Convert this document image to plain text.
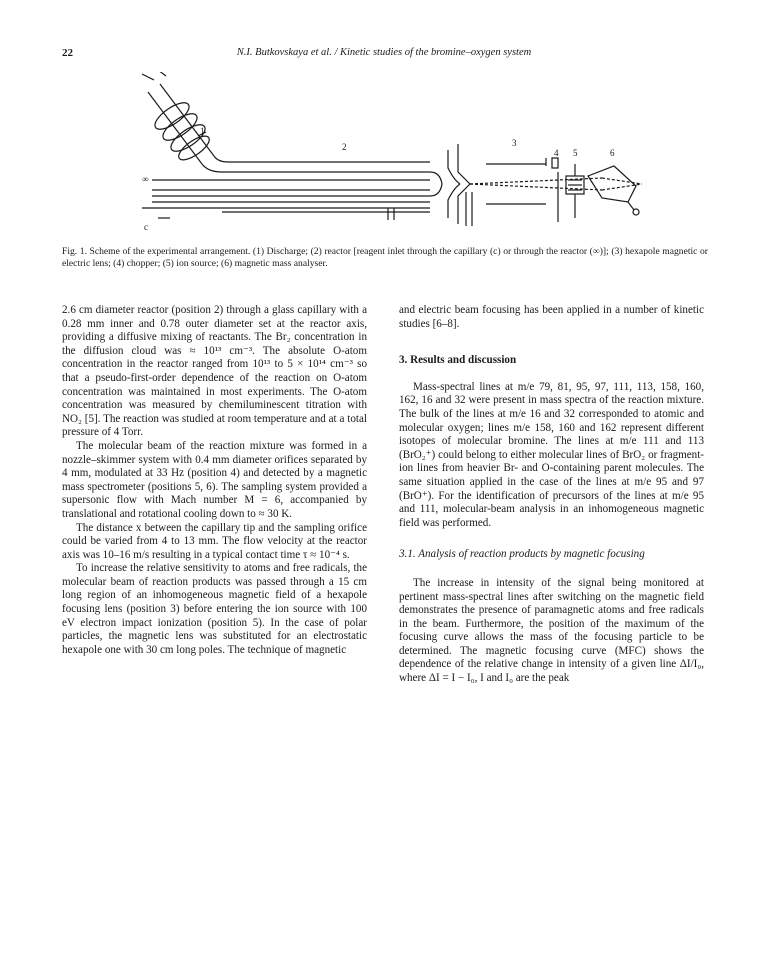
22	N.I. Butkovskaya et al. / Kinetic studies of the bromine–oxygen system
1
2	3
4 5	6
c
∞
Fig. 1. Scheme of the experimental arrangement. (1) Discharge; (2) reactor [reagent inlet through the capillary (c) or through the reactor (∞)]; (3) hexapole magnetic or electric lens; (4) chopper; (5) ion source; (6) magnetic mass analyser.

2.6 cm diameter reactor (position 2) through a glass capillary with a 0.28 mm inner and 0.78 outer diameter set at the reactor axis, providing a diffusive mixing of reactants. The Br₂ concentration in the diffusion cloud was ≈ 10¹³ cm⁻³. The absolute O-atom concentration in the reactor ranged from 10¹³ to 5 × 10¹⁴ cm⁻³ so that a pseudo-first-order dependence of the reaction on O-atom concentration was maintained in most experiments. The O-atom concentration was measured by chemiluminescent titration with NO₂ [5]. The reaction was studied at room temperature and at a total pressure of 4 Torr.

The molecular beam of the reaction mixture was formed in a nozzle–skimmer system with 0.4 mm diameter orifices separated by 4 mm, modulated at 33 Hz (position 4) and detected by a magnetic mass spectrometer (positions 5, 6). The sampling system provided a supersonic flow with Mach number M = 6, accompanied by translational and rotational cooling down to ≈ 30 K.

The distance x between the capillary tip and the sampling orifice could be varied from 4 to 13 mm. The flow velocity at the reactor axis was 10–16 m/s resulting in a typical contact time τ ≈ 10⁻⁴ s.

To increase the relative sensitivity to atoms and free radicals, the molecular beam of reaction products was passed through a 15 cm long region of an inhomogeneous magnetic field of a hexapole focusing lens (position 3) before entering the ion source with 100 eV electron impact ionization (position 5). In the case of polar particles, the magnetic lens was substituted for an electrostatic hexapole one with 30 cm long poles. The technique of magnetic

and electric beam focusing has been applied in a number of kinetic studies [6–8].

3. Results and discussion

Mass-spectral lines at m/e 79, 81, 95, 97, 111, 113, 158, 160, 162, 16 and 32 were present in mass spectra of the reaction mixture. The bulk of the lines at m/e 16 and 32 corresponded to atomic and molecular oxygen; lines m/e 158, 160 and 162 represent different isotopes of molecular bromine. The lines at m/e 111 and 113 (BrO₂⁺) could belong to either molecular lines of BrO₂ or fragment-ion lines from heavier Br- and O-containing parent molecules. The same situation applied in the case of the lines at m/e 95 and 97 (BrO⁺). For the identification of precursors of the lines at m/e 95 and 111, molecular-beam analysis in an inhomogeneous magnetic field was performed.

3.1. Analysis of reaction products by magnetic focusing

The increase in intensity of the signal being monitored at pertinent mass-spectral lines after switching on the magnetic field demonstrates the presence of paramagnetic atoms and free radicals in the beam. Furthermore, the position of the maximum of the focusing curve allows the mass of the focusing particle to be determined. The magnetic focusing curve (MFC) shows the dependence of the relative change in intensity of a given line ΔI/I₀, where ΔI = I − I₀, I and I₀ are the peak
